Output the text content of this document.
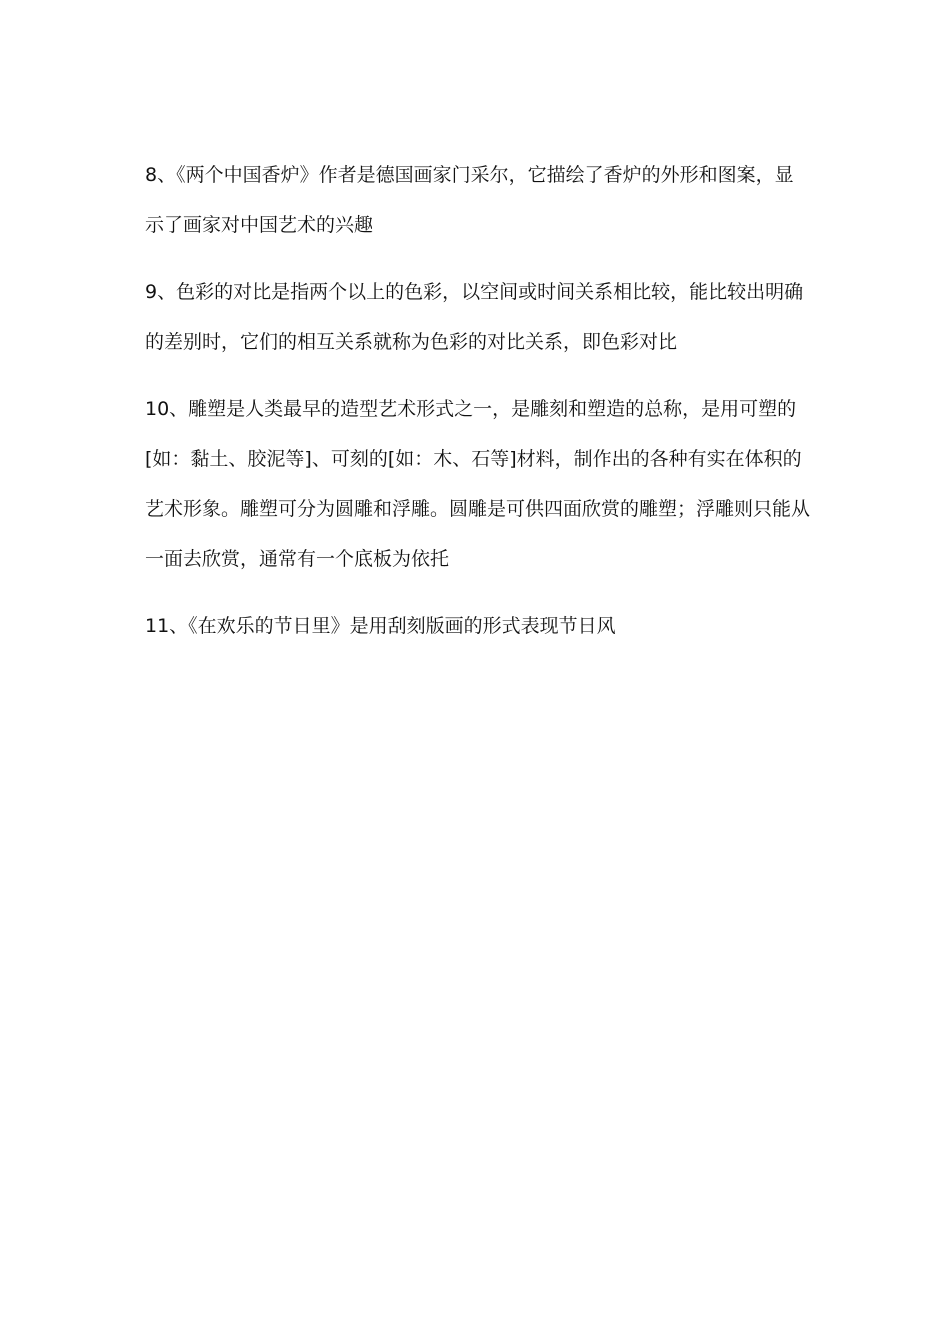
8、《两个中国香炉》作者是德国画家门采尔，它描绘了香炉的外形和图案，显示了画家对中国艺术的兴趣

9、色彩的对比是指两个以上的色彩，以空间或时间关系相比较，能比较出明确的差别时，它们的相互关系就称为色彩的对比关系，即色彩对比

10、雕塑是人类最早的造型艺术形式之一，是雕刻和塑造的总称，是用可塑的[如：黏土、胶泥等]、可刻的[如：木、石等]材料，制作出的各种有实在体积的艺术形象。雕塑可分为圆雕和浮雕。圆雕是可供四面欣赏的雕塑；浮雕则只能从一面去欣赏，通常有一个底板为依托

11、《在欢乐的节日里》是用刮刻版画的形式表现节日风
